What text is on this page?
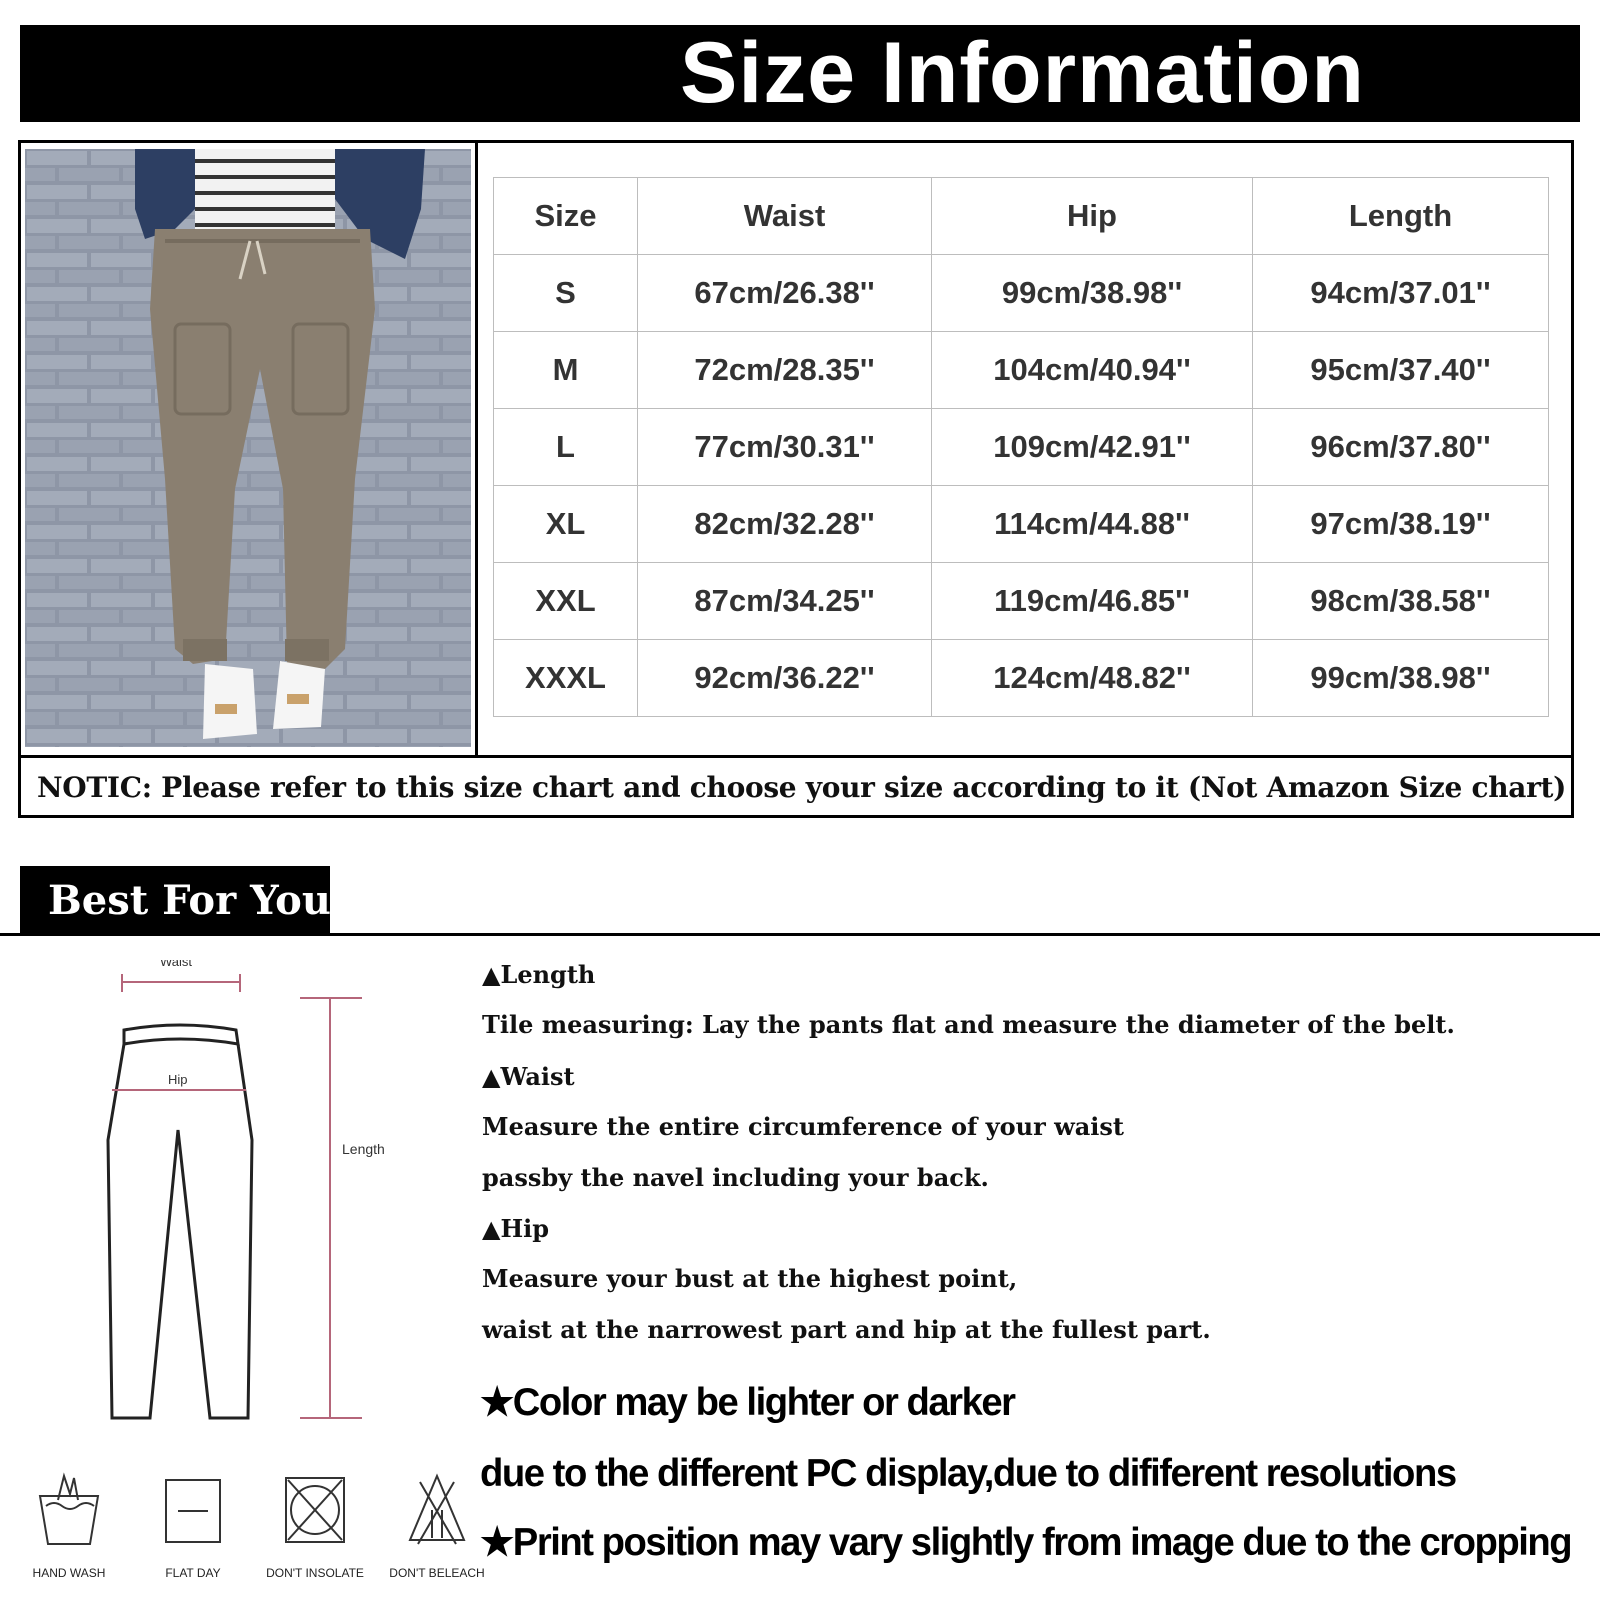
Size Information
Size	Waist	Hip	Length
S	67cm/26.38''	99cm/38.98''	94cm/37.01''
M	72cm/28.35''	104cm/40.94''	95cm/37.40''
L	77cm/30.31''	109cm/42.91''	96cm/37.80''
XL	82cm/32.28''	114cm/44.88''	97cm/38.19''
XXL	87cm/34.25''	119cm/46.85''	98cm/38.58''
XXXL	92cm/36.22''	124cm/48.82''	99cm/38.98''
NOTIC: Please refer to this size chart and choose your size according to it (Not Amazon Size chart)
Best For You
Waist
Hip
Length
HAND WASH	FLAT DAY	DON'T INSOLATE	DON'T BELEACH
▲Length
Tile measuring: Lay the pants flat and measure the diameter of the belt.
▲Waist
Measure the entire circumference of your waist
passby the navel including your back.
▲Hip
Measure your bust at the highest point,
waist at the narrowest part and hip at the fullest part.
★Color may be lighter or darker
due to the different PC display,due to dififerent resolutions
★Print position may vary slightly from image due to the cropping
